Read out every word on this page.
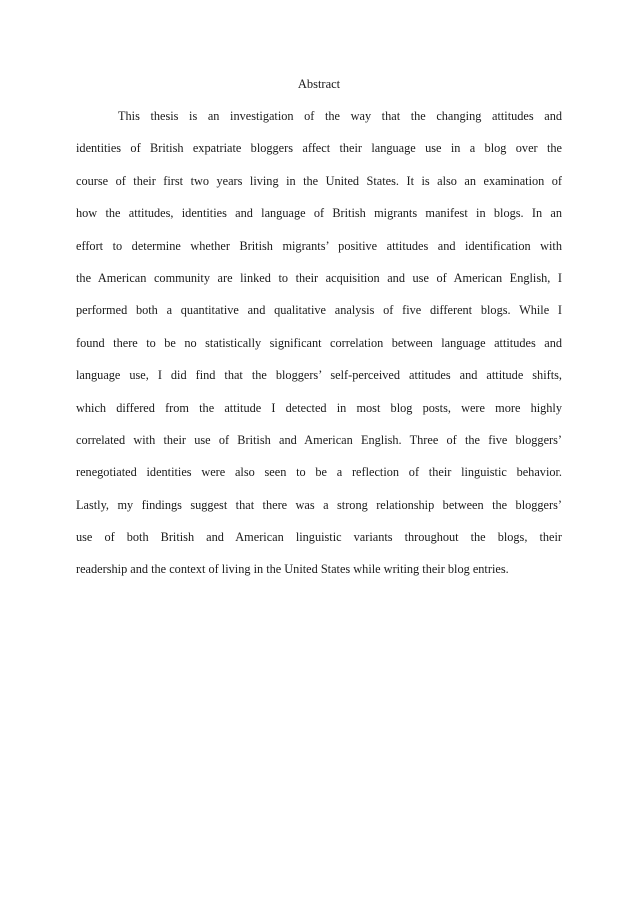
Abstract
This thesis is an investigation of the way that the changing attitudes and
identities of British expatriate bloggers affect their language use in a blog over the
course of their first two years living in the United States. It is also an examination of
how the attitudes, identities and language of British migrants manifest in blogs. In an
effort to determine whether British migrants’ positive attitudes and identification with
the American community are linked to their acquisition and use of American English, I
performed both a quantitative and qualitative analysis of five different blogs. While I
found there to be no statistically significant correlation between language attitudes and
language use, I did find that the bloggers’ self-perceived attitudes and attitude shifts,
which differed from the attitude I detected in most blog posts, were more highly
correlated with their use of British and American English. Three of the five bloggers’
renegotiated identities were also seen to be a reflection of their linguistic behavior.
Lastly, my findings suggest that there was a strong relationship between the bloggers’
use of both British and American linguistic variants throughout the blogs, their
readership and the context of living in the United States while writing their blog entries.
